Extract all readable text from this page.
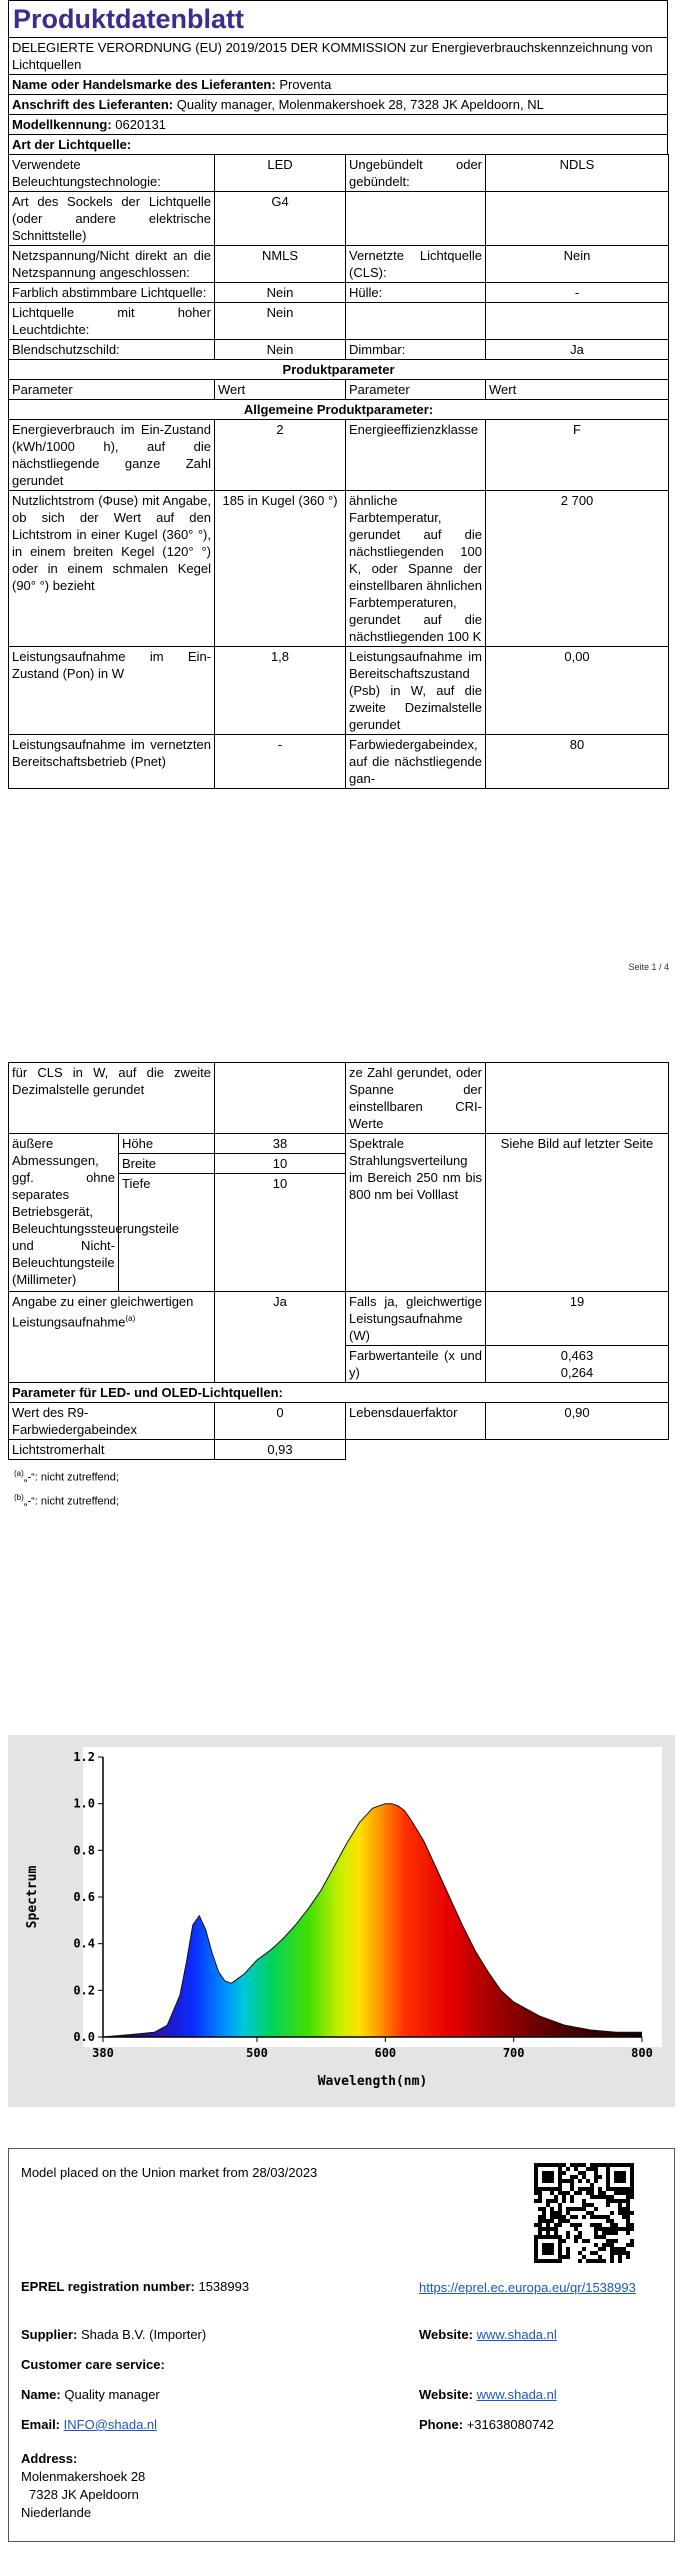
Produktdatenblatt
DELEGIERTE VERORDNUNG (EU) 2019/2015 DER KOMMISSION zur Energieverbrauchskennzeichnung von Lichtquellen
Name oder Handelsmarke des Lieferanten: Proventa
Anschrift des Lieferanten: Quality manager, Molenmakershoek 28, 7328 JK Apeldoorn, NL
Modellkennung: 0620131
Art der Lichtquelle:
Verwendete Beleuchtungstechnologie:	LED	Ungebündelt oder gebündelt:	NDLS
Art des Sockels der Lichtquelle (oder andere elektrische Schnittstelle)	G4		
Netzspannung/Nicht direkt an die Netzspannung angeschlossen:	NMLS	Vernetzte Lichtquelle (CLS):	Nein
Farblich abstimmbare Lichtquelle:	Nein	Hülle:	-
Lichtquelle mit hoher Leuchtdichte:	Nein		
Blendschutzschild:	Nein	Dimmbar:	Ja
Produktparameter			
Parameter	Wert	Parameter	Wert
Allgemeine Produktparameter:			
Energieverbrauch im Ein-Zustand (kWh/1000 h), auf die nächstliegende ganze Zahl gerundet	2	Energieeffizienzklasse	F
Nutzlichtstrom (Φuse) mit Angabe, ob sich der Wert auf den Lichtstrom in einer Kugel (360° °), in einem breiten Kegel (120° °) oder in einem schmalen Kegel (90° °) bezieht	185 in Kugel (360 °)	ähnliche Farbtemperatur, gerundet auf die nächstliegenden 100 K, oder Spanne der einstellbaren ähnlichen Farbtemperaturen, gerundet auf die nächstliegenden 100 K	2 700
Leistungsaufnahme im Ein-Zustand (Pon) in W	1,8	Leistungsaufnahme im Bereitschaftszustand (Psb) in W, auf die zweite Dezimalstelle gerundet	0,00
Leistungsaufnahme im vernetzten Bereitschaftsbetrieb (Pnet)	-	Farbwiedergabeindex, auf die nächstliegende gan-	80
Seite 1 / 4
für CLS in W, auf die zweite Dezimalstelle gerundet			ze Zahl gerundet, oder Spanne der einstellbaren CRI-Werte	
äußere Abmessungen, ggf. ohne separates Betriebsgerät, Beleuchtungssteuerungsteile und Nicht-Beleuchtungsteile (Millimeter)	Höhe	38	Spektrale Strahlungsverteilung im Bereich 250 nm bis 800 nm bei Volllast	Siehe Bild auf letzter Seite
	Breite	10		
	Tiefe	10		
Angabe zu einer gleichwertigen Leistungsaufnahme$^{(a)}$		Ja	Falls ja, gleichwertige Leistungsaufnahme (W)	19
			Farbwertanteile (x und y)	0,463
0,264

Parameter für LED- und OLED-Lichtquellen:				
Wert des R9-Farbwiedergabeindex		0	Lebensdauerfaktor	0,90
Lichtstromerhalt		0,93		
$^{(a)}$„-“: nicht zutreffend;
$^{(b)}$„-“: nicht zutreffend;
380	500	600	700	800
0.0
0.2
0.4
0.6
0.8
1.0
1.2
Wavelength(nm)
Spectrum
Model placed on the Union market from 28/03/2023
EPREL registration number: 1538993	https://eprel.ec.europa.eu/qr/1538993
Supplier: Shada B.V. (Importer)	Website: www.shada.nl
Customer care service:
Name: Quality manager	Website: www.shada.nl
Email: INFO@shada.nl	Phone: +31638080742
Address:
Molenmakershoek 28
7328 JK Apeldoorn
Niederlande
